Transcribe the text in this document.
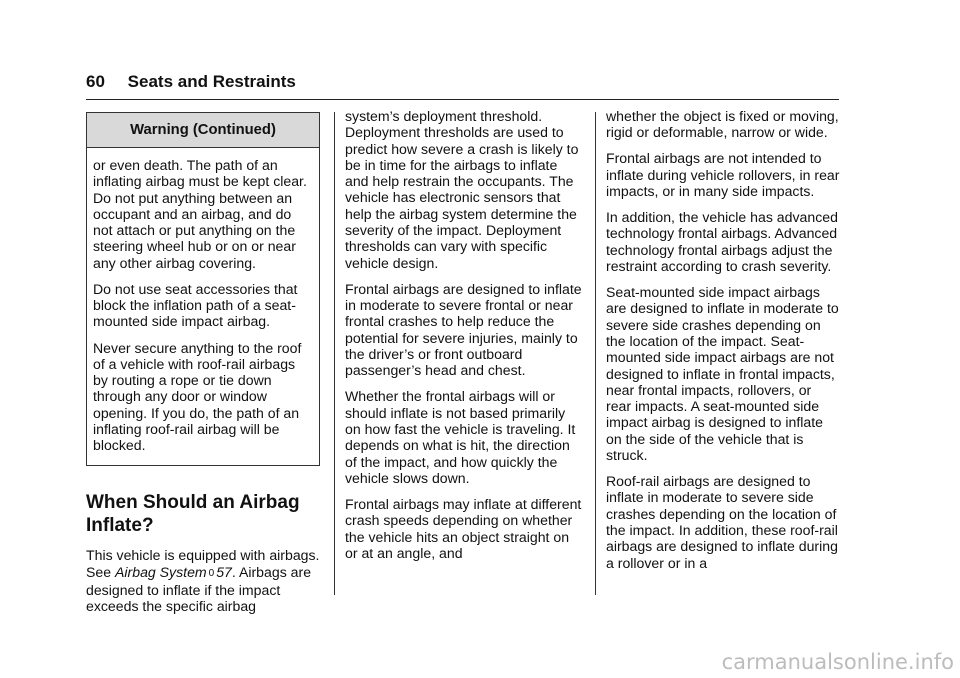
60 Seats and Restraints
Warning (Continued)

or even death. The path of an inflating airbag must be kept clear. Do not put anything between an occupant and an airbag, and do not attach or put anything on the steering wheel hub or on or near any other airbag covering.

Do not use seat accessories that block the inflation path of a seat-mounted side impact airbag.

Never secure anything to the roof of a vehicle with roof-rail airbags by routing a rope or tie down through any door or window opening. If you do, the path of an inflating roof-rail airbag will be blocked.

When Should an Airbag Inflate?

This vehicle is equipped with airbags. See Airbag System 0 57. Airbags are designed to inflate if the impact exceeds the specific airbag

system’s deployment threshold. Deployment thresholds are used to predict how severe a crash is likely to be in time for the airbags to inflate and help restrain the occupants. The vehicle has electronic sensors that help the airbag system determine the severity of the impact. Deployment thresholds can vary with specific vehicle design.

Frontal airbags are designed to inflate in moderate to severe frontal or near frontal crashes to help reduce the potential for severe injuries, mainly to the driver’s or front outboard passenger’s head and chest.

Whether the frontal airbags will or should inflate is not based primarily on how fast the vehicle is traveling. It depends on what is hit, the direction of the impact, and how quickly the vehicle slows down.

Frontal airbags may inflate at different crash speeds depending on whether the vehicle hits an object straight on or at an angle, and

whether the object is fixed or moving, rigid or deformable, narrow or wide.

Frontal airbags are not intended to inflate during vehicle rollovers, in rear impacts, or in many side impacts.

In addition, the vehicle has advanced technology frontal airbags. Advanced technology frontal airbags adjust the restraint according to crash severity.

Seat-mounted side impact airbags are designed to inflate in moderate to severe side crashes depending on the location of the impact. Seat-mounted side impact airbags are not designed to inflate in frontal impacts, near frontal impacts, rollovers, or rear impacts. A seat-mounted side impact airbag is designed to inflate on the side of the vehicle that is struck.

Roof-rail airbags are designed to inflate in moderate to severe side crashes depending on the location of the impact. In addition, these roof-rail airbags are designed to inflate during a rollover or in a

carmanualsonline.info
